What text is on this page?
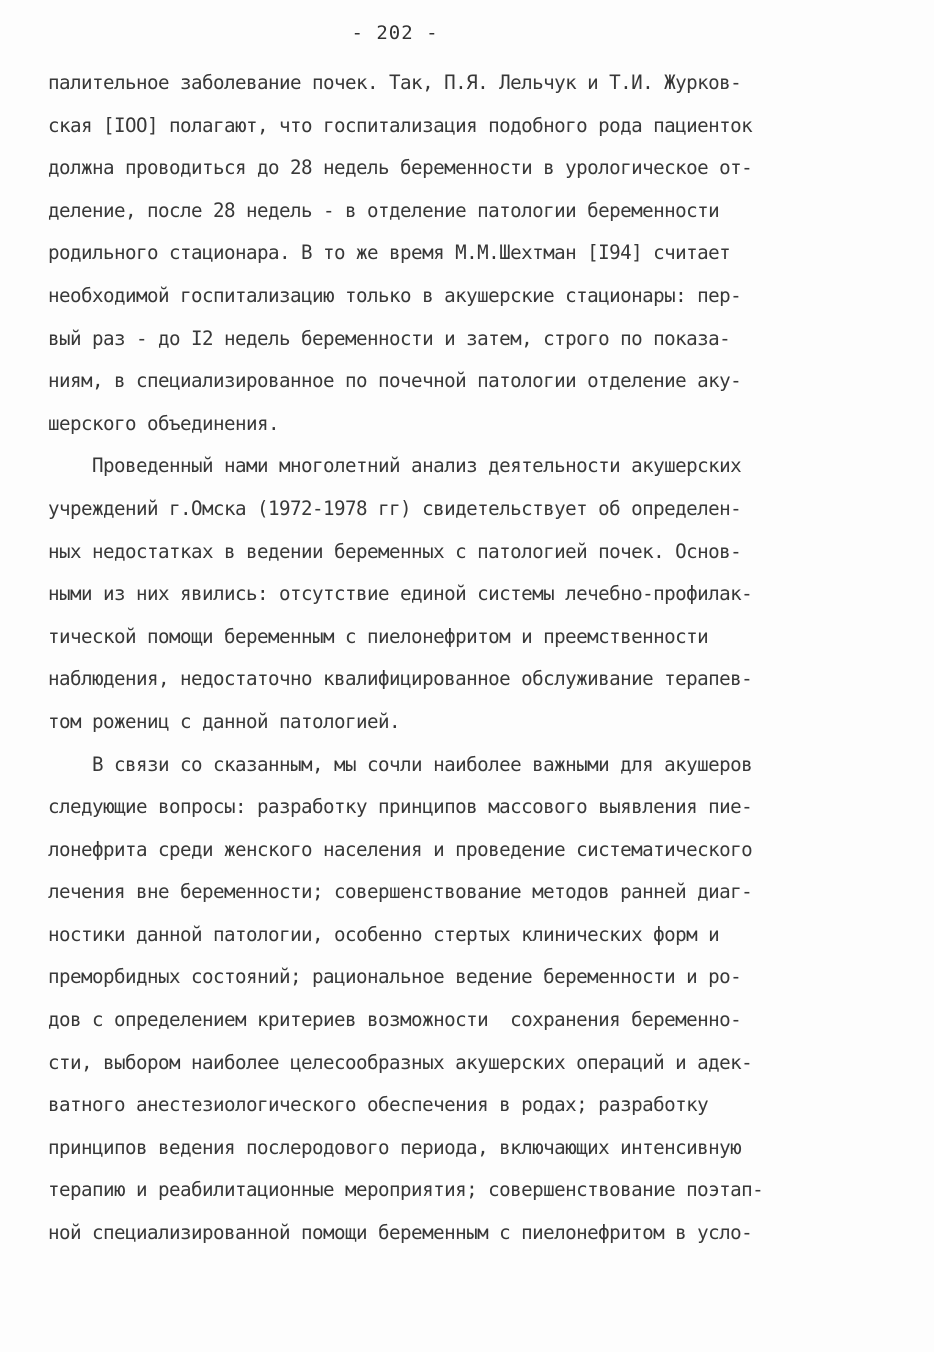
- 202 -
палительное заболевание почек. Так, П.Я. Лельчук и Т.И. Журков-
ская [IOO] полагают, что госпитализация подобного рода пациенток
должна проводиться до 28 недель беременности в урологическое от-
деление, после 28 недель - в отделение патологии беременности
родильного стационара. В то же время М.М.Шехтман [I94] считает
необходимой госпитализацию только в акушерские стационары: пер-
вый раз - до I2 недель беременности и затем, строго по показа-
ниям, в специализированное по почечной патологии отделение аку-
шерского объединения.
Проведенный нами многолетний анализ деятельности акушерских
учреждений г.Омска (1972-1978 гг) свидетельствует об определен-
ных недостатках в ведении беременных с патологией почек. Основ-
ными из них явились: отсутствие единой системы лечебно-профилак-
тической помощи беременным с пиелонефритом и преемственности
наблюдения, недостаточно квалифицированное обслуживание терапев-
том рожениц с данной патологией.
В связи со сказанным, мы сочли наиболее важными для акушеров
следующие вопросы: разработку принципов массового выявления пие-
лонефрита среди женского населения и проведение систематического
лечения вне беременности; совершенствование методов ранней диаг-
ностики данной патологии, особенно стертых клинических форм и
преморбидных состояний; рациональное ведение беременности и ро-
дов с определением критериев возможности  сохранения беременно-
сти, выбором наиболее целесообразных акушерских операций и адек-
ватного анестезиологического обеспечения в родах; разработку
принципов ведения послеродового периода, включающих интенсивную
терапию и реабилитационные мероприятия; совершенствование поэтап-
ной специализированной помощи беременным с пиелонефритом в усло-
